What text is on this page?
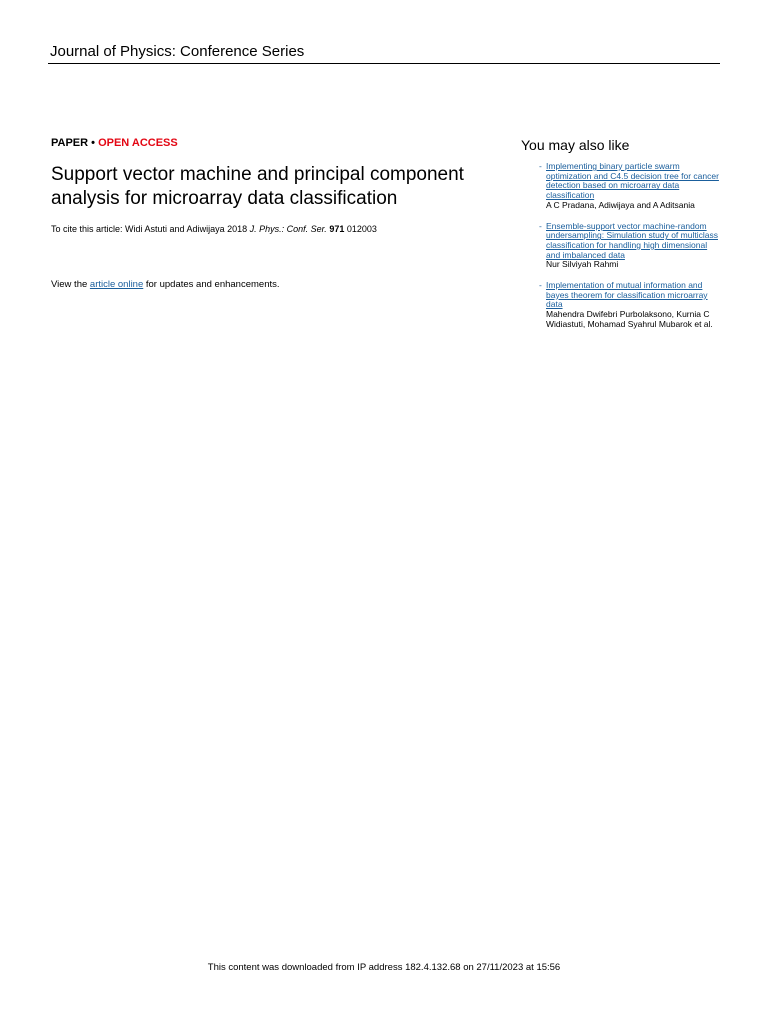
Journal of Physics: Conference Series
PAPER • OPEN ACCESS
Support vector machine and principal component analysis for microarray data classification
To cite this article: Widi Astuti and Adiwijaya 2018 J. Phys.: Conf. Ser. 971 012003
View the article online for updates and enhancements.
You may also like
- Implementing binary particle swarm optimization and C4.5 decision tree for cancer detection based on microarray data classification
A C Pradana, Adiwijaya and A Aditsania
- Ensemble-support vector machine-random undersampling: Simulation study of multiclass classification for handling high dimensional and imbalanced data
Nur Silviyah Rahmi
- Implementation of mutual information and bayes theorem for classification microarray data
Mahendra Dwifebri Purbolaksono, Kurnia C Widiastuti, Mohamad Syahrul Mubarok et al.
This content was downloaded from IP address 182.4.132.68 on 27/11/2023 at 15:56
